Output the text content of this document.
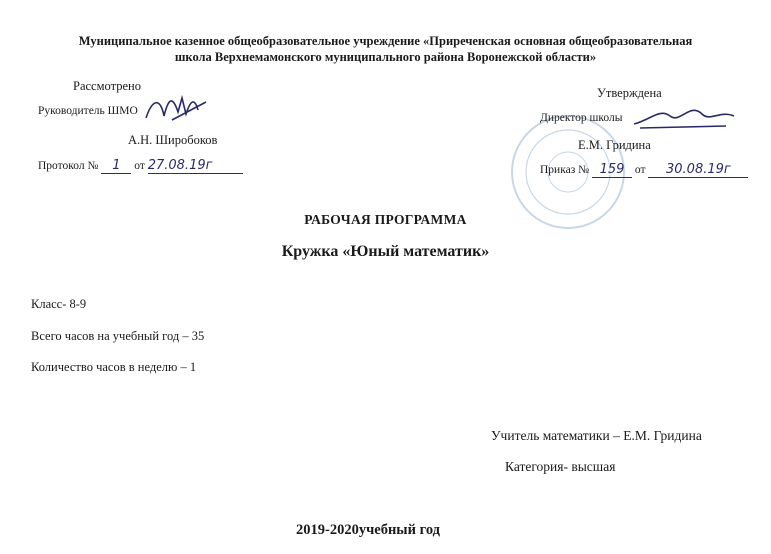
Муниципальное казенное общеобразовательное учреждение «Приреченская основная общеобразовательная
школа Верхнемамонского муниципального района Воронежской области»
Рассмотрено
Руководитель ШМО
А.Н. Широбоков
Протокол № 1 от 27.08.19г
Утверждена
Директор школы
Е.М. Гридина
Приказ № 159 от 30.08.19г
РАБОЧАЯ ПРОГРАММА
Кружка «Юный математик»
Класс- 8-9
Всего часов на учебный год – 35
Количество часов в неделю – 1
Учитель математики – Е.М. Гридина
Категория- высшая
2019-2020учебный год
